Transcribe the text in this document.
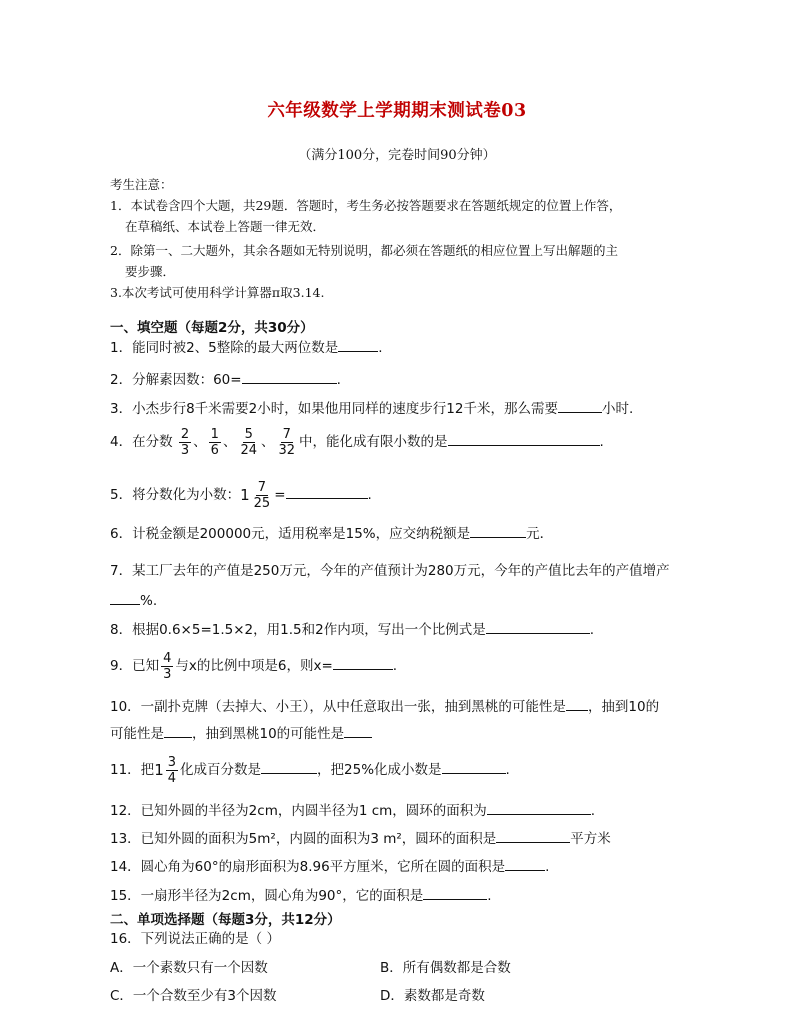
六年级数学上学期期末测试卷03
（满分100分，完卷时间90分钟）
考生注意：
1．本试卷含四个大题，共29题．答题时，考生务必按答题要求在答题纸规定的位置上作答，
在草稿纸、本试卷上答题一律无效．
2．除第一、二大题外，其余各题如无特别说明，都必须在答题纸的相应位置上写出解题的主
要步骤．
3.本次考试可使用科学计算器π取3.14.
一、填空题（每题2分，共30分）
1．能同时被2、5整除的最大两位数是	.
2．分解素因数：60=	.
3．小杰步行8千米需要2小时，如果他用同样的速度步行12千米，那么需要	小时.
4．在分数 $\frac{2}{3}$ 、 $\frac{1}{6}$ 、 $\frac{5}{24}$ 、 $\frac{7}{32}$ 中，能化成有限小数的是	.
5．将分数化为小数：$1 \frac{7}{25}$ =	.
6．计税金额是200000元，适用税率是15%，应交纳税额是	元．
7．某工厂去年的产值是250万元，今年的产值预计为280万元，今年的产值比去年的产值增产
%.
8．根据0.6×5=1.5×2，用1.5和2作内项，写出一个比例式是	.
9．已知 $\frac{4}{3}$ 与x的比例中项是6，则x=	.
10．一副扑克牌（去掉大、小王），从中任意取出一张，抽到黑桃的可能性是 ，抽到10的
可能性是 ，抽到黑桃10的可能性是
11．把$1 \frac{3}{4}$ 化成百分数是	，把25%化成小数是	.
12．已知外圆的半径为2cm，内圆半径为1 cm，圆环的面积为	.
13．已知外圆的面积为5m²，内圆的面积为3 m²，圆环的面积是	平方米
14．圆心角为60°的扇形面积为8.96平方厘米，它所在圆的面积是	.
15．一扇形半径为2cm，圆心角为90°，它的面积是	.
二、单项选择题（每题3分，共12分）
16．下列说法正确的是（ ）
A．一个素数只有一个因数	B．所有偶数都是合数
C．一个合数至少有3个因数	D．素数都是奇数
